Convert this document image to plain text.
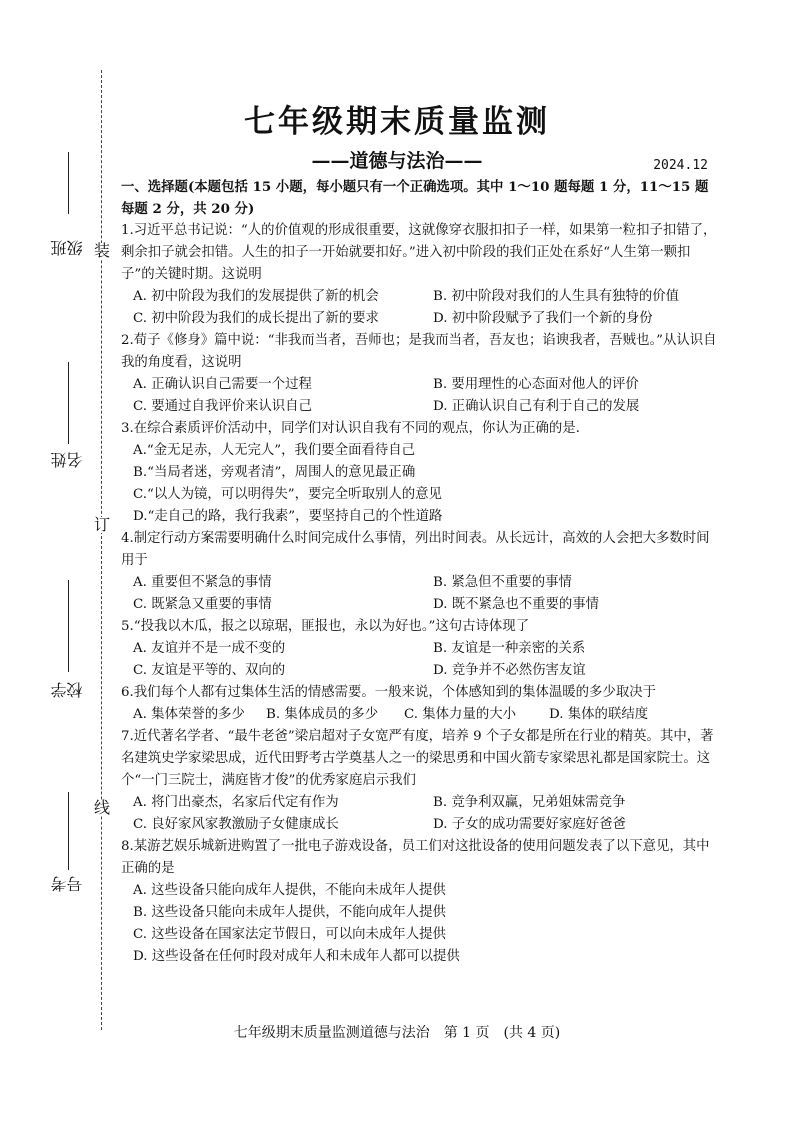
装
订
线
班级
姓名
学校
考号
七年级期末质量监测
——道德与法治——	2024.12
一、选择题(本题包括 15 小题，每小题只有一个正确选项。其中 1～10 题每题 1 分，11～15 题每题 2 分，共 20 分)

1.习近平总书记说：“人的价值观的形成很重要，这就像穿衣服扣扣子一样，如果第一粒扣子扣错了，剩余扣子就会扣错。人生的扣子一开始就要扣好。”进入初中阶段的我们正处在系好“人生第一颗扣子”的关键时期。这说明

A. 初中阶段为我们的发展提供了新的机会	B. 初中阶段对我们的人生具有独特的价值
C. 初中阶段为我们的成长提出了新的要求	D. 初中阶段赋予了我们一个新的身份

2.荀子《修身》篇中说：“非我而当者，吾师也；是我而当者，吾友也；谄谀我者，吾贼也。”从认识自我的角度看，这说明

A. 正确认识自己需要一个过程	B. 要用理性的心态面对他人的评价
C. 要通过自我评价来认识自己	D. 正确认识自己有利于自己的发展

3.在综合素质评价活动中，同学们对认识自我有不同的观点，你认为正确的是.

A.“金无足赤，人无完人”，我们要全面看待自己
B.“当局者迷，旁观者清”，周围人的意见最正确
C.“以人为镜，可以明得失”，要完全听取别人的意见
D.“走自己的路，我行我素”，要坚持自己的个性道路

4.制定行动方案需要明确什么时间完成什么事情，列出时间表。从长远计，高效的人会把大多数时间用于

A. 重要但不紧急的事情	B. 紧急但不重要的事情
C. 既紧急又重要的事情	D. 既不紧急也不重要的事情

5.“投我以木瓜，报之以琼琚，匪报也，永以为好也。”这句古诗体现了

A. 友谊并不是一成不变的	B. 友谊是一种亲密的关系
C. 友谊是平等的、双向的	D. 竞争并不必然伤害友谊

6.我们每个人都有过集体生活的情感需要。一般来说，个体感知到的集体温暖的多少取决于

A. 集体荣誉的多少	B. 集体成员的多少	C. 集体力量的大小	D. 集体的联结度

7.近代著名学者、“最牛老爸”梁启超对子女宽严有度，培养 9 个子女都是所在行业的精英。其中，著名建筑史学家梁思成，近代田野考古学奠基人之一的梁思勇和中国火箭专家梁思礼都是国家院士。这个“一门三院士，满庭皆才俊”的优秀家庭启示我们

A. 将门出豪杰，名家后代定有作为	B. 竞争利双赢，兄弟姐妹需竞争
C. 良好家风家教激励子女健康成长	D. 子女的成功需要好家庭好爸爸

8.某游艺娱乐城新进购置了一批电子游戏设备，员工们对这批设备的使用问题发表了以下意见，其中正确的是

A. 这些设备只能向成年人提供，不能向未成年人提供
B. 这些设备只能向未成年人提供，不能向成年人提供
C. 这些设备在国家法定节假日，可以向未成年人提供
D. 这些设备在任何时段对成年人和未成年人都可以提供
七年级期末质量监测道德与法治　第 1 页　(共 4 页)
